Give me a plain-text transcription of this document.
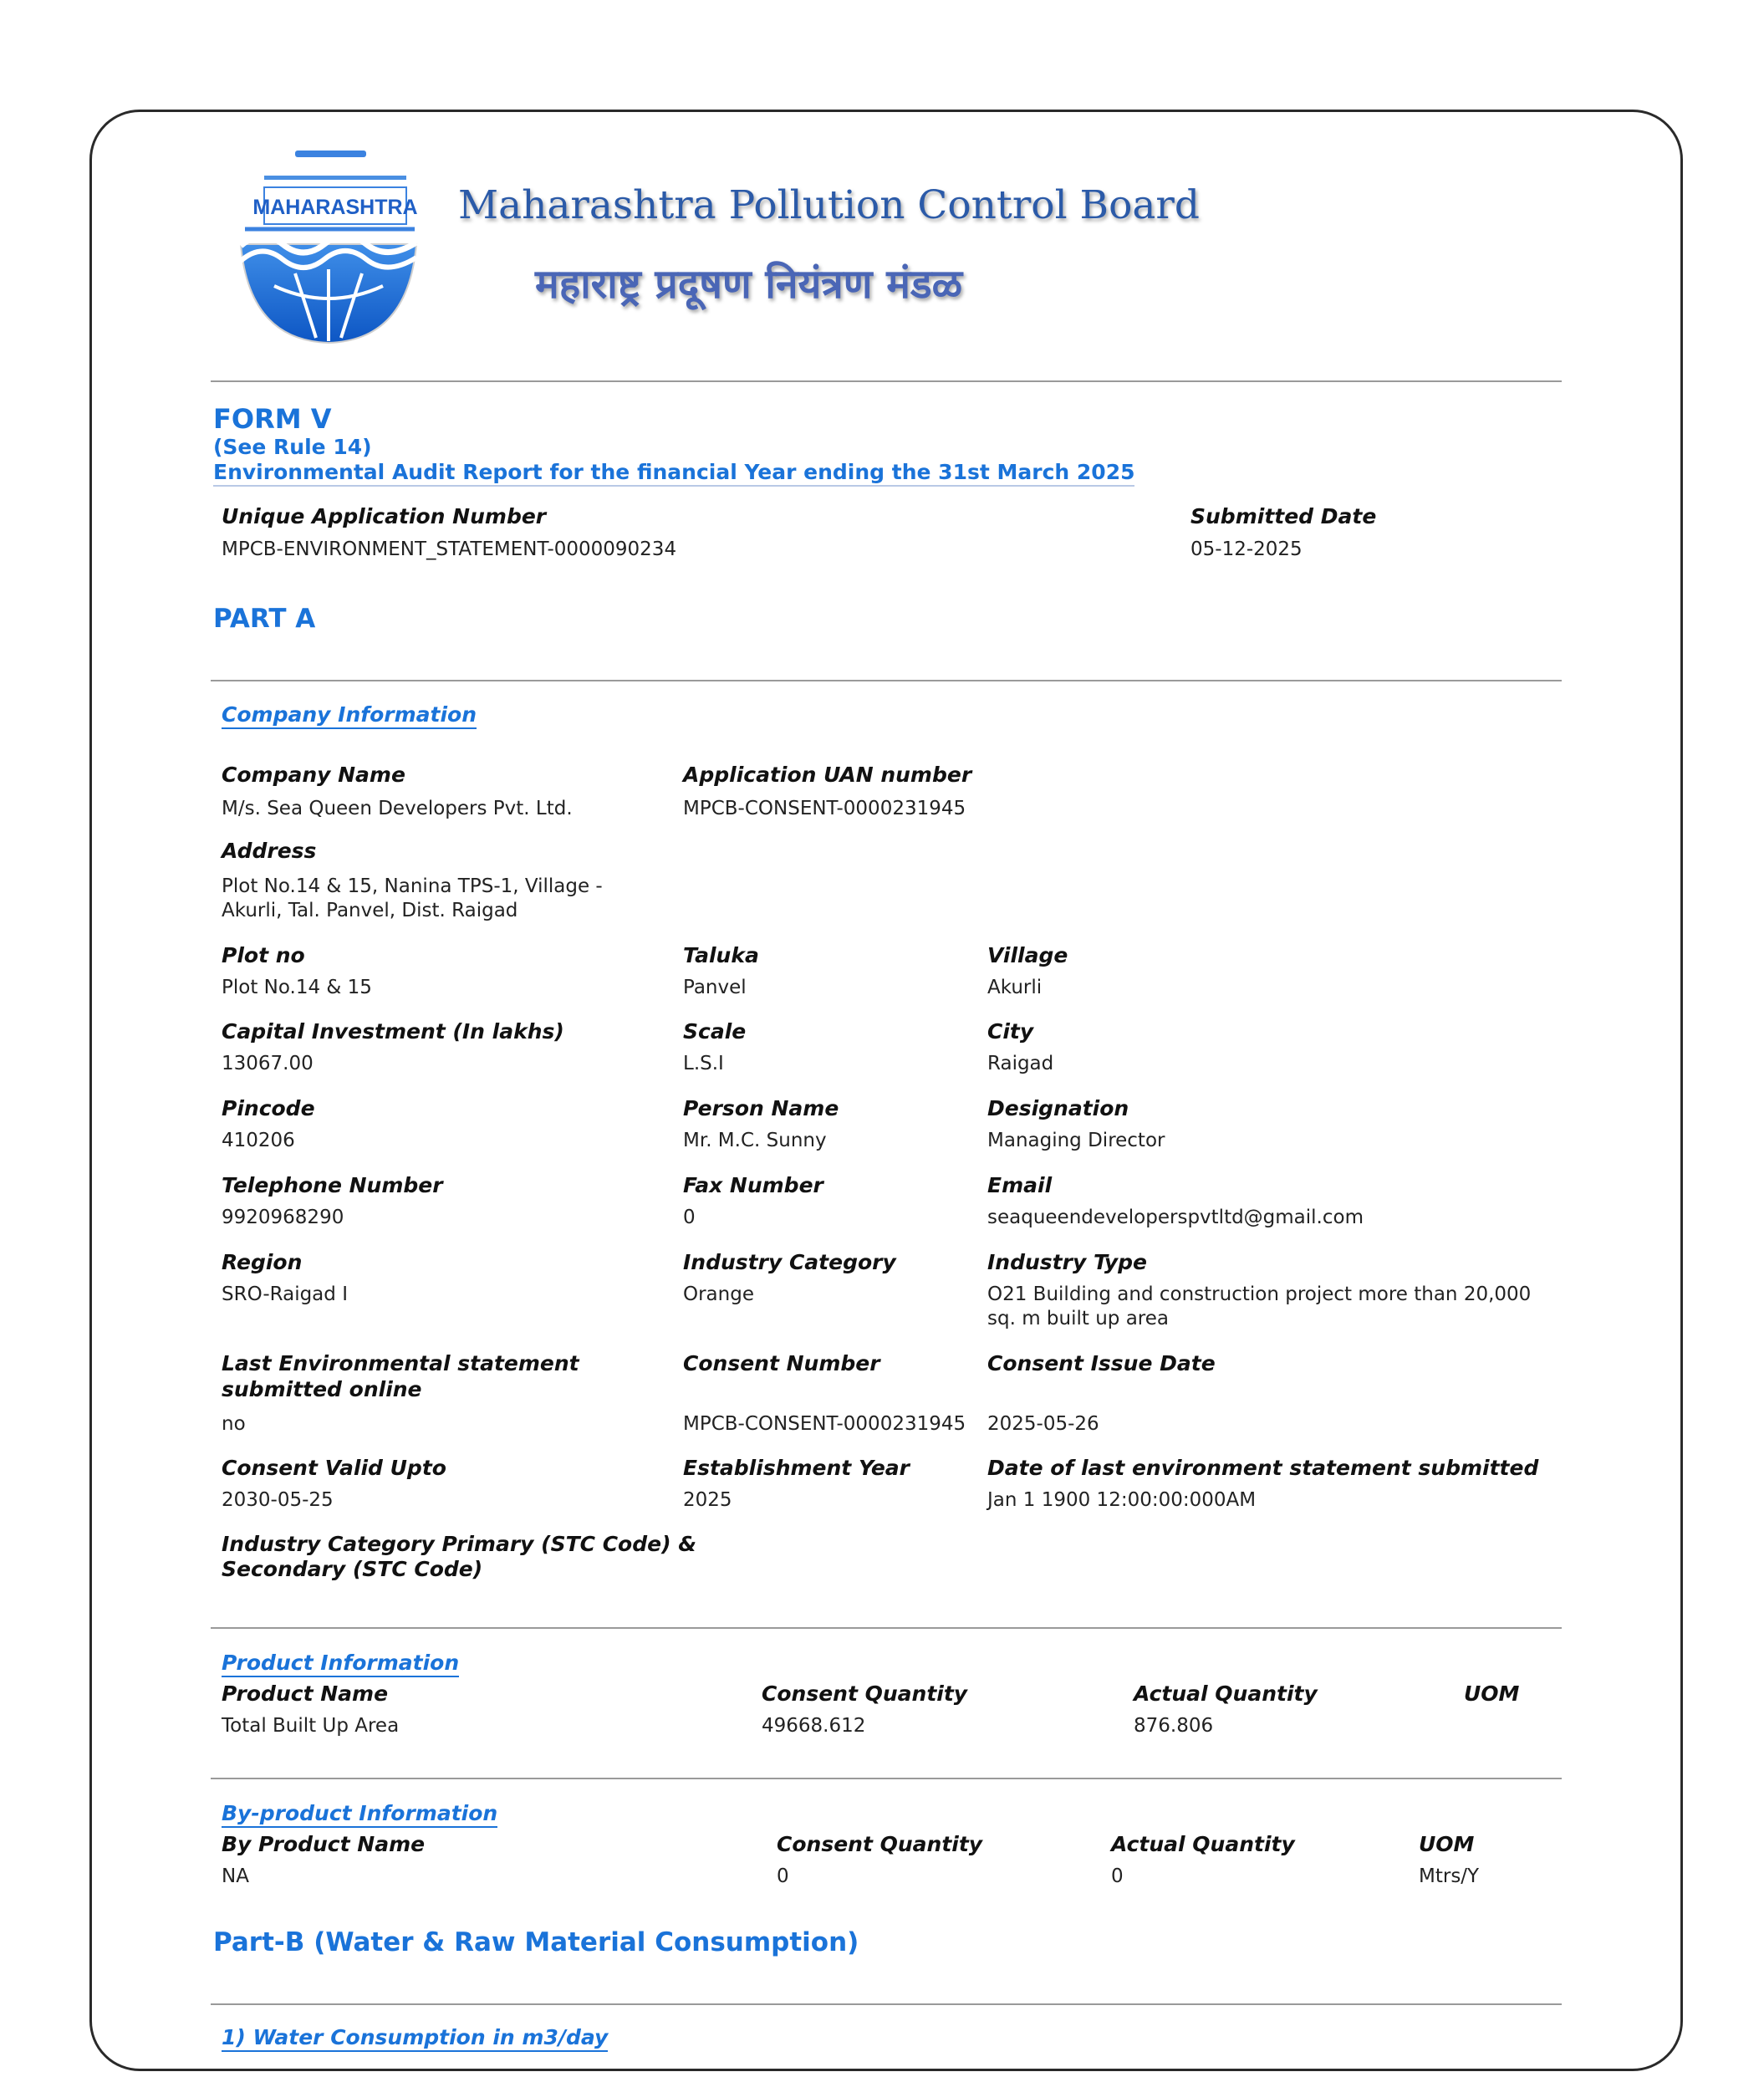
MAHARASHTRA Maharashtra Pollution Control Board
महाराष्ट्र प्रदूषण नियंत्रण मंडळ
FORM V
(See Rule 14)
Environmental Audit Report for the financial Year ending the 31st March 2025
Unique Application Number
MPCB-ENVIRONMENT_STATEMENT-0000090234
Submitted Date
05-12-2025
PART A
Company Information
Company Name
M/s. Sea Queen Developers Pvt. Ltd.
Application UAN number
MPCB-CONSENT-0000231945
Address
Plot No.14 & 15, Nanina TPS-1, Village -
Akurli, Tal. Panvel, Dist. Raigad
Plot no
Plot No.14 & 15
Taluka
Panvel
Village
Akurli
Capital Investment (In lakhs)
13067.00
Scale
L.S.I
City
Raigad
Pincode
410206
Person Name
Mr. M.C. Sunny
Designation
Managing Director
Telephone Number
9920968290
Fax Number
0
Email
seaqueendeveloperspvtltd@gmail.com
Region
SRO-Raigad I
Industry Category
Orange
Industry Type
O21 Building and construction project more than 20,000
sq. m built up area
Last Environmental statement
submitted online
no
Consent Number
MPCB-CONSENT-0000231945
Consent Issue Date
2025-05-26
Consent Valid Upto
2030-05-25
Establishment Year
2025
Date of last environment statement submitted
Jan 1 1900 12:00:00:000AM
Industry Category Primary (STC Code) &
Secondary (STC Code)
Product Information
Product Name	Consent Quantity	Actual Quantity	UOM
Total Built Up Area	49668.612	876.806
By-product Information
By Product Name	Consent Quantity	Actual Quantity	UOM
NA	0	0	Mtrs/Y
Part-B (Water & Raw Material Consumption)
1) Water Consumption in m3/day
